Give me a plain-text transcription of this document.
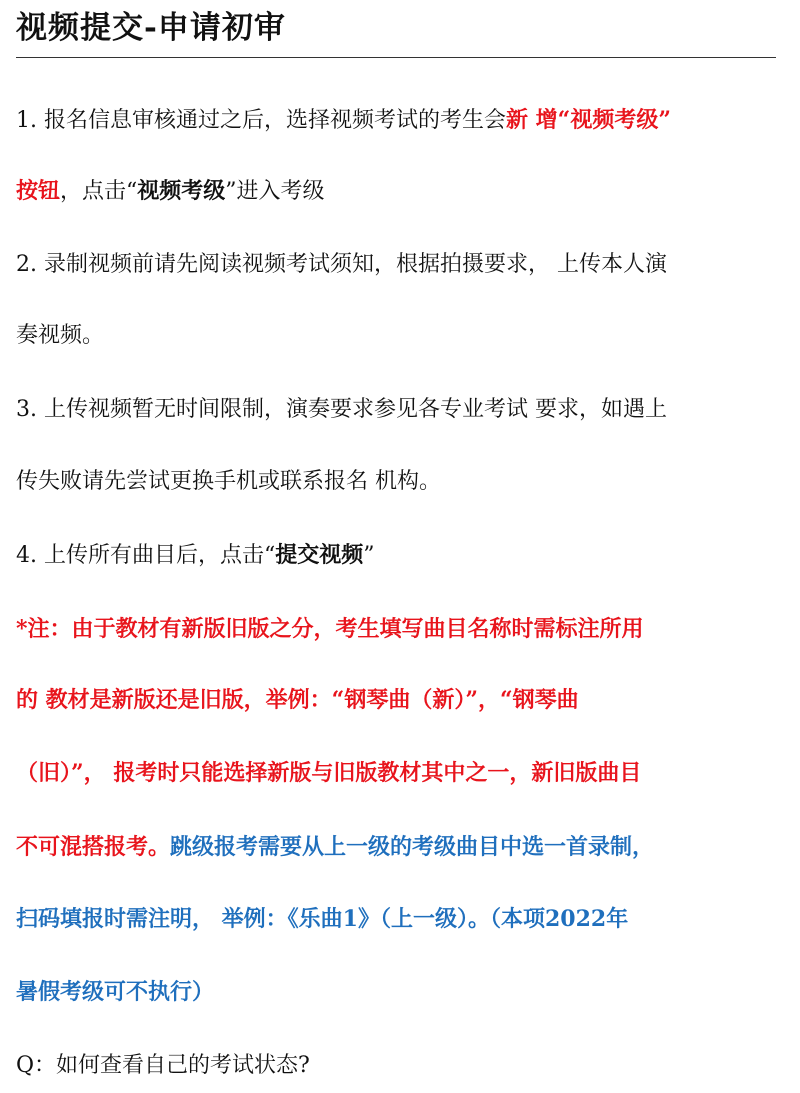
视频提交-申请初审
1. 报名信息审核通过之后，选择视频考试的考生会新 增“视频考级”
按钮，点击“视频考级”进入考级
2. 录制视频前请先阅读视频考试须知，根据拍摄要求， 上传本人演
奏视频。
3. 上传视频暂无时间限制，演奏要求参见各专业考试 要求，如遇上
传失败请先尝试更换手机或联系报名 机构。
4. 上传所有曲目后，点击“提交视频”
*注：由于教材有新版旧版之分，考生填写曲目名称时需标注所用
的 教材是新版还是旧版，举例：“钢琴曲（新）”，“钢琴曲
（旧）”， 报考时只能选择新版与旧版教材其中之一，新旧版曲目
不可混搭报考。跳级报考需要从上一级的考级曲目中选一首录制，
扫码填报时需注明， 举例：《乐曲1》（上一级）。（本项2022年
暑假考级可不执行）
Q：如何查看自己的考试状态?
